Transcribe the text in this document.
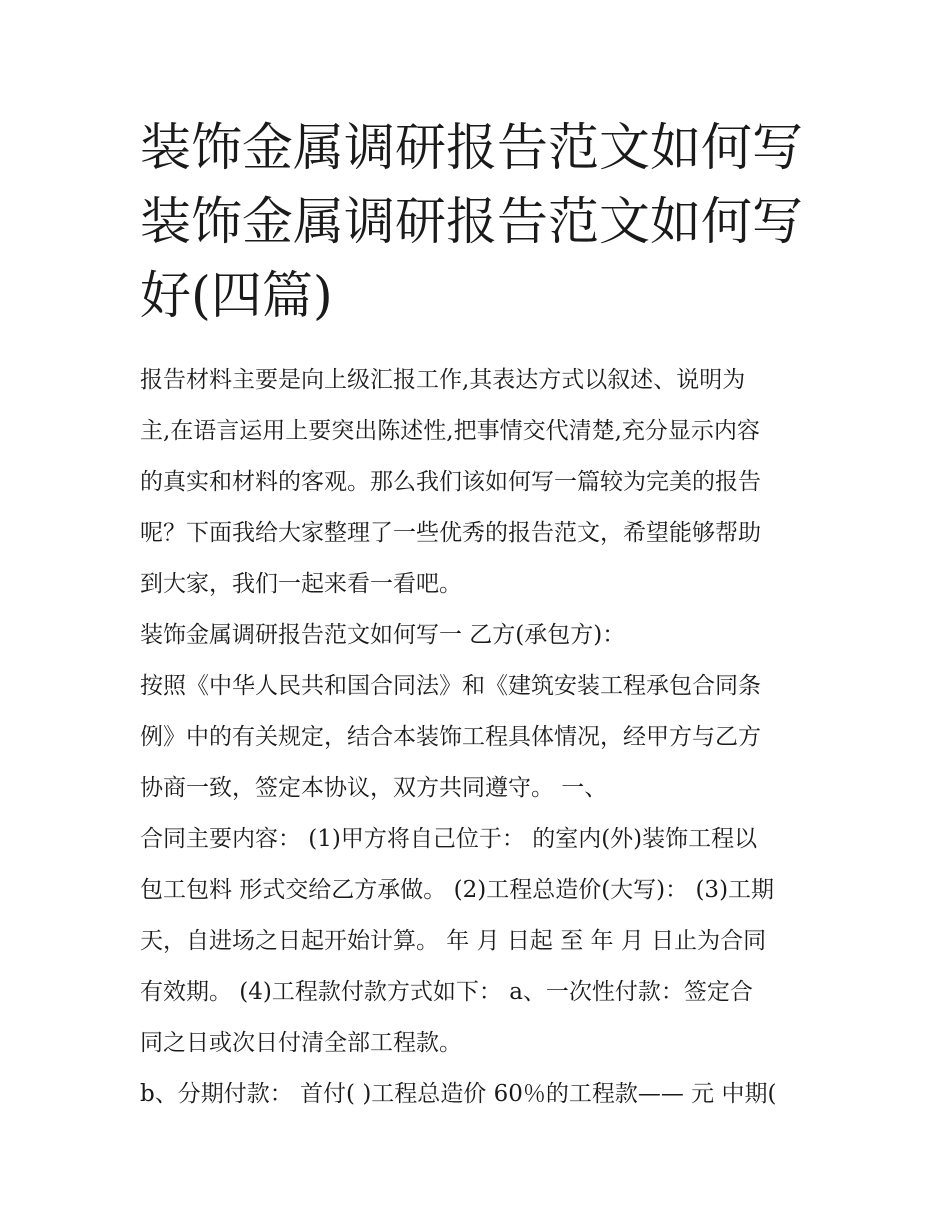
装饰金属调研报告范文如何写
装饰金属调研报告范文如何写
好(四篇)
报告材料主要是向上级汇报工作,其表达方式以叙述、说明为
主,在语言运用上要突出陈述性,把事情交代清楚,充分显示内容
的真实和材料的客观。那么我们该如何写一篇较为完美的报告
呢？下面我给大家整理了一些优秀的报告范文，希望能够帮助
到大家，我们一起来看一看吧。
装饰金属调研报告范文如何写一 乙方(承包方)：
按照《中华人民共和国合同法》和《建筑安装工程承包合同条
例》中的有关规定，结合本装饰工程具体情况，经甲方与乙方
协商一致，签定本协议，双方共同遵守。 一、
合同主要内容： (1)甲方将自己位于： 的室内(外)装饰工程以
包工包料 形式交给乙方承做。 (2)工程总造价(大写)： (3)工期
天，自进场之日起开始计算。 年 月 日起 至 年 月 日止为合同
有效期。 (4)工程款付款方式如下： a、一次性付款：签定合
同之日或次日付清全部工程款。
b、分期付款： 首付( )工程总造价 60％的工程款—— 元 中期(
